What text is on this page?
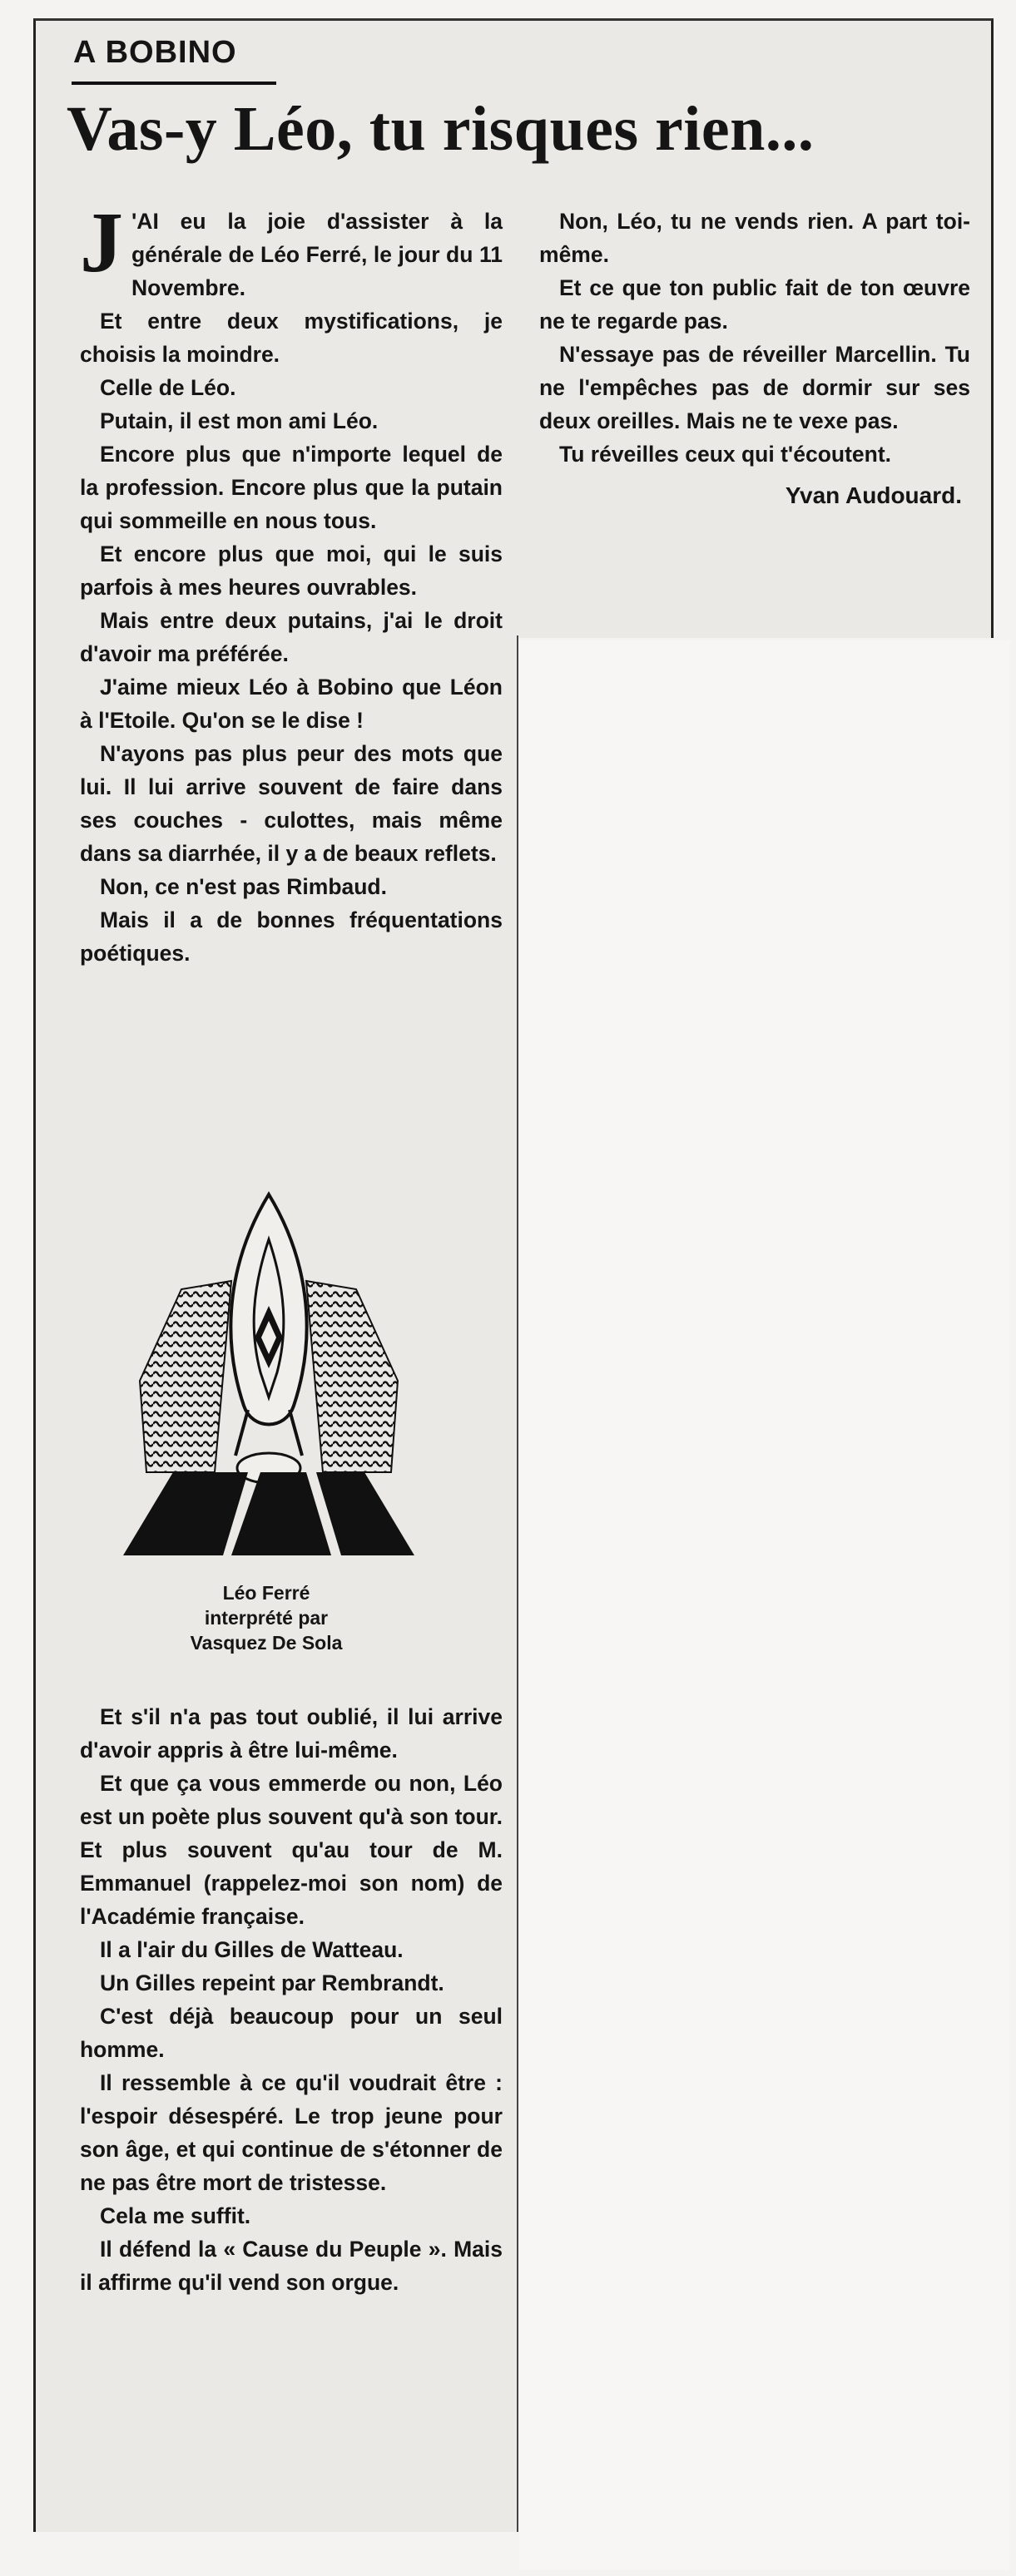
A BOBINO
Vas-y Léo, tu risques rien...

J 'AI eu la joie d'assister à la générale de Léo Ferré, le jour du 11 Novembre.

Et entre deux mystifications, je choisis la moindre.

Celle de Léo.

Putain, il est mon ami Léo.

Encore plus que n'importe lequel de la profession. Encore plus que la putain qui sommeille en nous tous.

Et encore plus que moi, qui le suis parfois à mes heures ouvrables.

Mais entre deux putains, j'ai le droit d'avoir ma préférée.

J'aime mieux Léo à Bobino que Léon à l'Etoile. Qu'on se le dise !

N'ayons pas plus peur des mots que lui. Il lui arrive souvent de faire dans ses couches - culottes, mais même dans sa diarrhée, il y a de beaux reflets.

Non, ce n'est pas Rimbaud.

Mais il a de bonnes fréquentations poétiques.

Léo Ferré
interprété par
Vasquez De Sola

Et s'il n'a pas tout oublié, il lui arrive d'avoir appris à être lui-même.

Et que ça vous emmerde ou non, Léo est un poète plus souvent qu'à son tour. Et plus souvent qu'au tour de M. Emmanuel (rappelez-moi son nom) de l'Académie française.

Il a l'air du Gilles de Watteau.

Un Gilles repeint par Rembrandt.

C'est déjà beaucoup pour un seul homme.

Il ressemble à ce qu'il voudrait être : l'espoir désespéré. Le trop jeune pour son âge, et qui continue de s'étonner de ne pas être mort de tristesse.

Cela me suffit.

Il défend la « Cause du Peuple ». Mais il affirme qu'il vend son orgue.

Non, Léo, tu ne vends rien. A part toi-même.

Et ce que ton public fait de ton œuvre ne te regarde pas.

N'essaye pas de réveiller Marcellin. Tu ne l'empêches pas de dormir sur ses deux oreilles. Mais ne te vexe pas.

Tu réveilles ceux qui t'écoutent.

Yvan Audouard.
